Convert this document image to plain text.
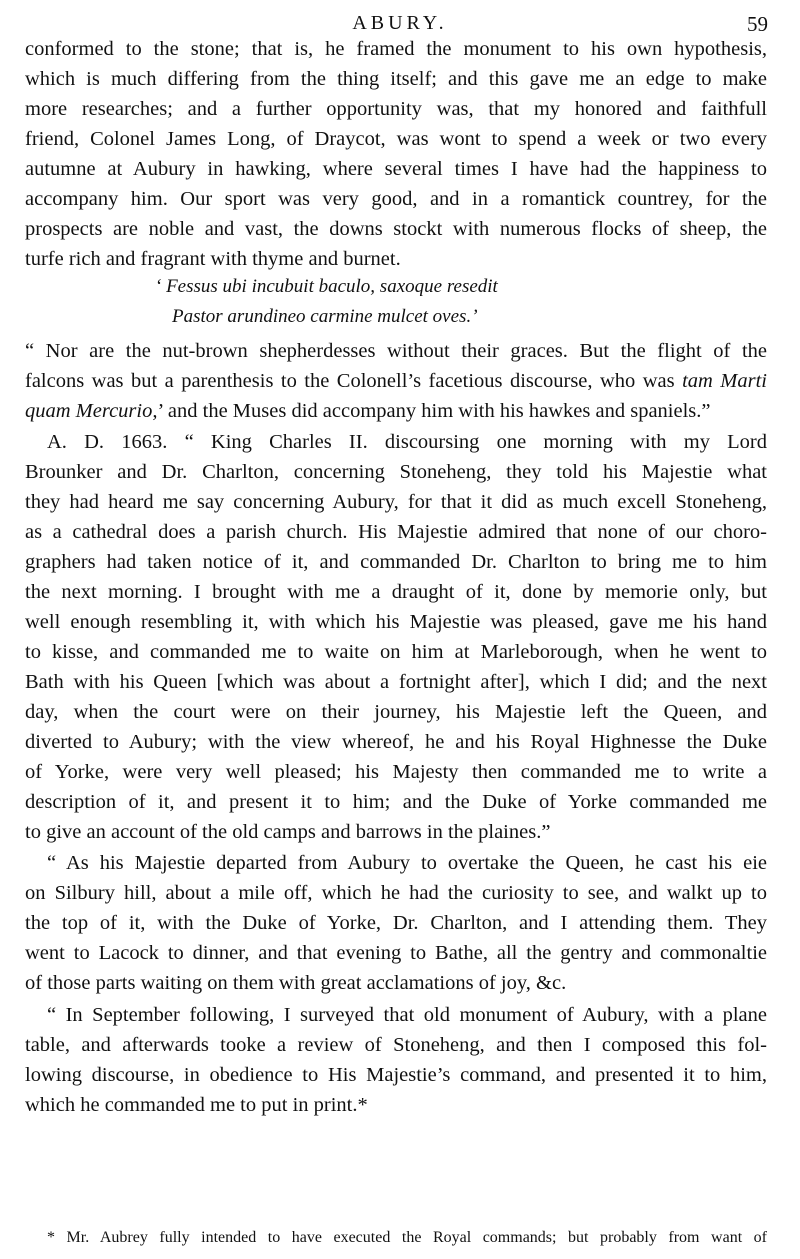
ABURY.	59
conformed to the stone; that is, he framed the monument to his own hypothesis,
which is much differing from the thing itself; and this gave me an edge to make
more researches; and a further opportunity was, that my honored and faithfull
friend, Colonel James Long, of Draycot, was wont to spend a week or two every
autumne at Aubury in hawking, where several times I have had the happiness to
accompany him. Our sport was very good, and in a romantick countrey, for the
prospects are noble and vast, the downs stockt with numerous flocks of sheep, the
turfe rich and fragrant with thyme and burnet.
‘ Fessus ubi incubuit baculo, saxoque resedit
Pastor arundineo carmine mulcet oves.’
“ Nor are the nut-brown shepherdesses without their graces. But the flight of the
falcons was but a parenthesis to the Colonell’s facetious discourse, who was tam Marti
quam Mercurio,’ and the Muses did accompany him with his hawkes and spaniels.”
A. D. 1663. “ King Charles II. discoursing one morning with my Lord
Brounker and Dr. Charlton, concerning Stoneheng, they told his Majestie what
they had heard me say concerning Aubury, for that it did as much excell Stoneheng,
as a cathedral does a parish church. His Majestie admired that none of our choro-
graphers had taken notice of it, and commanded Dr. Charlton to bring me to him
the next morning. I brought with me a draught of it, done by memorie only, but
well enough resembling it, with which his Majestie was pleased, gave me his hand
to kisse, and commanded me to waite on him at Marleborough, when he went to
Bath with his Queen [which was about a fortnight after], which I did; and the next
day, when the court were on their journey, his Majestie left the Queen, and
diverted to Aubury; with the view whereof, he and his Royal Highnesse the Duke
of Yorke, were very well pleased; his Majesty then commanded me to write a
description of it, and present it to him; and the Duke of Yorke commanded me
to give an account of the old camps and barrows in the plaines.”
“ As his Majestie departed from Aubury to overtake the Queen, he cast his eie
on Silbury hill, about a mile off, which he had the curiosity to see, and walkt up to
the top of it, with the Duke of Yorke, Dr. Charlton, and I attending them. They
went to Lacock to dinner, and that evening to Bathe, all the gentry and commonaltie
of those parts waiting on them with great acclamations of joy, &c.
“ In September following, I surveyed that old monument of Aubury, with a plane
table, and afterwards tooke a review of Stoneheng, and then I composed this fol-
lowing discourse, in obedience to His Majestie’s command, and presented it to him,
which he commanded me to put in print.*
* Mr. Aubrey fully intended to have executed the Royal commands; but probably from want of
